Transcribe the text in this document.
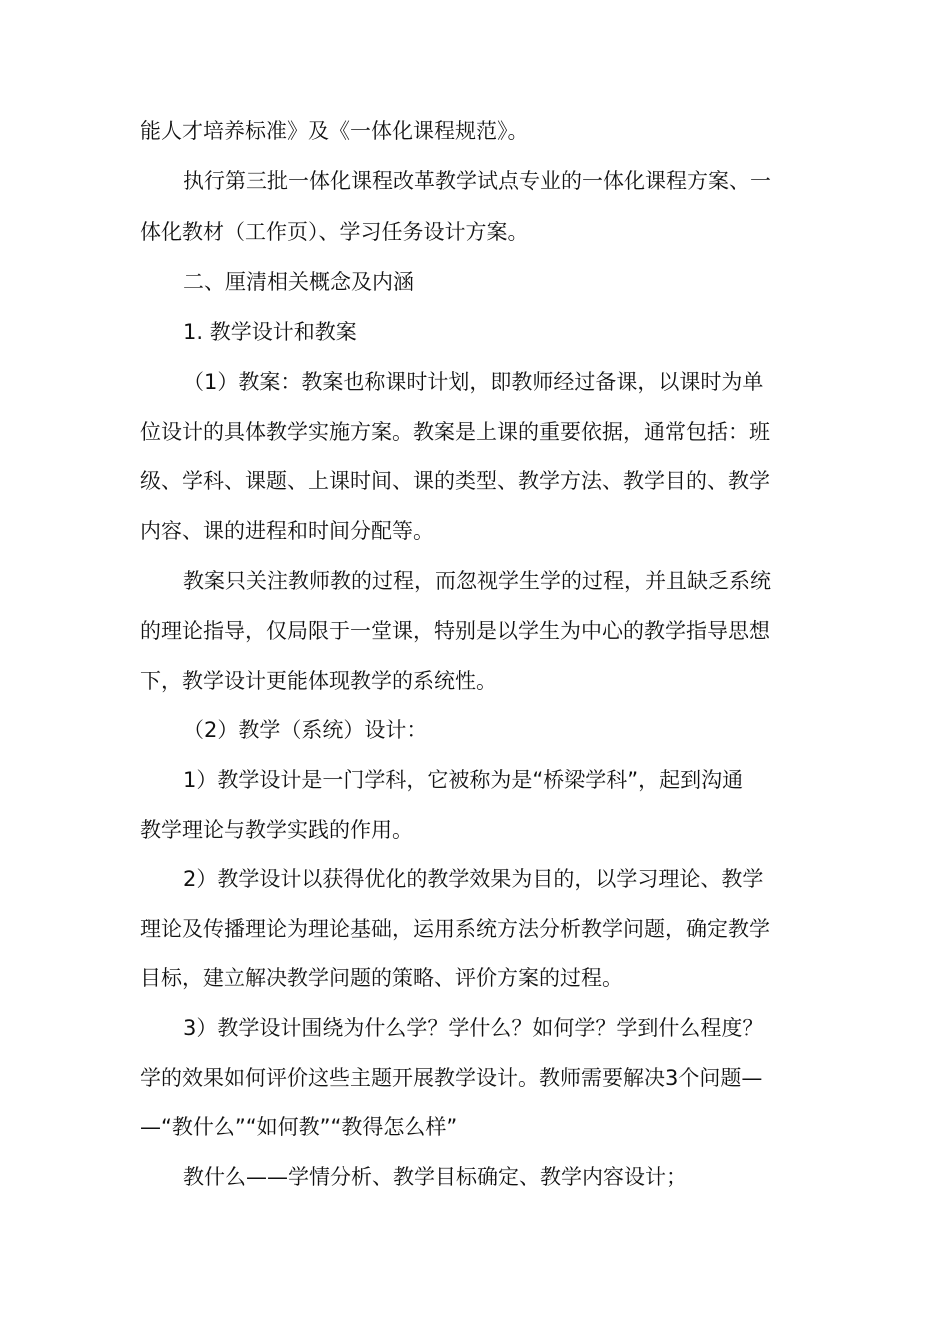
能人才培养标准》及《一体化课程规范》。
执行第三批一体化课程改革教学试点专业的一体化课程方案、一
体化教材（工作页）、学习任务设计方案。
二、厘清相关概念及内涵
1. 教学设计和教案
（1）教案：教案也称课时计划，即教师经过备课，以课时为单
位设计的具体教学实施方案。教案是上课的重要依据，通常包括：班
级、学科、课题、上课时间、课的类型、教学方法、教学目的、教学
内容、课的进程和时间分配等。
教案只关注教师教的过程，而忽视学生学的过程，并且缺乏系统
的理论指导，仅局限于一堂课，特别是以学生为中心的教学指导思想
下，教学设计更能体现教学的系统性。
（2）教学（系统）设计：
1）教学设计是一门学科，它被称为是“桥梁学科”，起到沟通
教学理论与教学实践的作用。
2）教学设计以获得优化的教学效果为目的，以学习理论、教学
理论及传播理论为理论基础，运用系统方法分析教学问题，确定教学
目标，建立解决教学问题的策略、评价方案的过程。
3）教学设计围绕为什么学？学什么？如何学？学到什么程度？
学的效果如何评价这些主题开展教学设计。教师需要解决3个问题—
—“教什么”“如何教”“教得怎么样”
教什么——学情分析、教学目标确定、教学内容设计；
